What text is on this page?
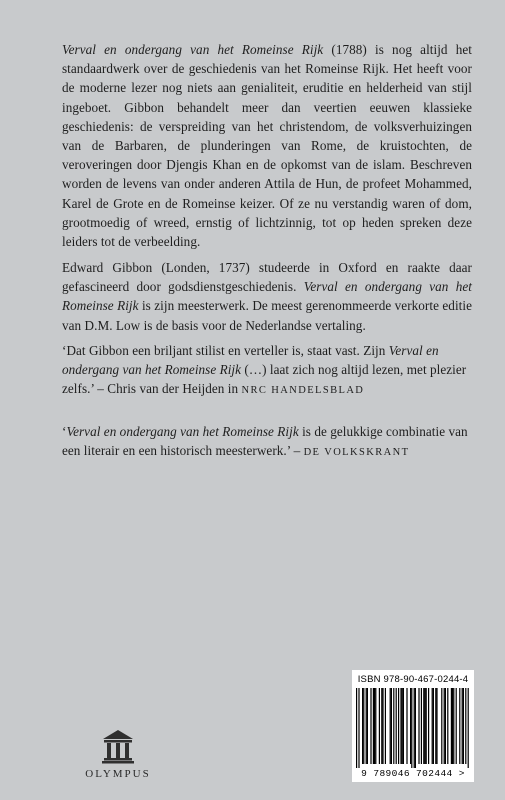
Verval en ondergang van het Romeinse Rijk (1788) is nog altijd het standaardwerk over de geschiedenis van het Romeinse Rijk. Het heeft voor de moderne lezer nog niets aan genialiteit, eruditie en helderheid van stijl ingeboet. Gibbon behandelt meer dan veertien eeuwen klassieke geschiedenis: de verspreiding van het christendom, de volksverhuizingen van de Barbaren, de plunderingen van Rome, de kruistochten, de veroveringen door Djengis Khan en de opkomst van de islam. Beschreven worden de levens van onder anderen Attila de Hun, de profeet Mohammed, Karel de Grote en de Romeinse keizer. Of ze nu verstandig waren of dom, grootmoedig of wreed, ernstig of lichtzinnig, tot op heden spreken deze leiders tot de verbeelding.
Edward Gibbon (Londen, 1737) studeerde in Oxford en raakte daar gefascineerd door godsdienstgeschiedenis. Verval en ondergang van het Romeinse Rijk is zijn meesterwerk. De meest gerenommeerde verkorte editie van D.M. Low is de basis voor de Nederlandse vertaling.
‘Dat Gibbon een briljant stilist en verteller is, staat vast. Zijn Verval en ondergang van het Romeinse Rijk (…) laat zich nog altijd lezen, met plezier zelfs.’ – Chris van der Heijden in NRC HANDELSBLAD
‘Verval en ondergang van het Romeinse Rijk is de gelukkige combinatie van een literair en een historisch meesterwerk.’ – DE VOLKSKRANT
ISBN 978-90-467-0244-4
9 789046 702444 >
OLYMPUS
